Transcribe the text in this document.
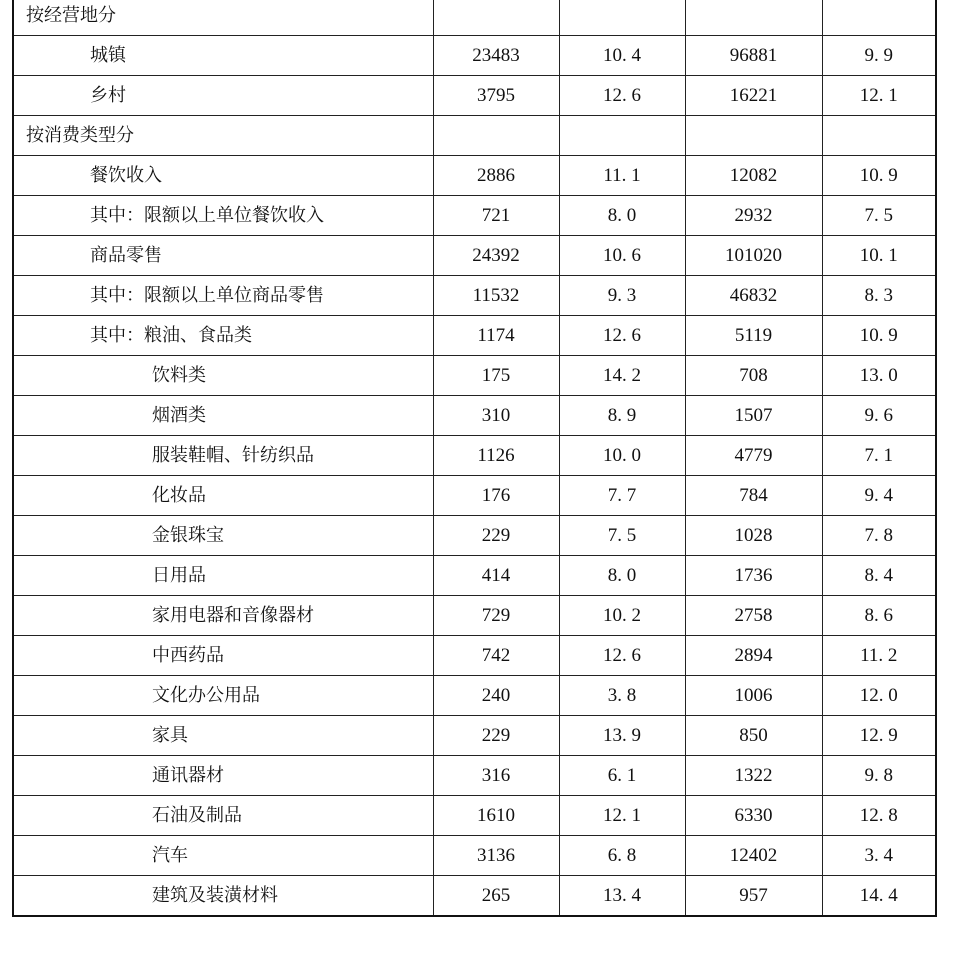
按经营地分				
城镇	23483	10. 4	96881	9. 9
乡村	3795	12. 6	16221	12. 1
按消费类型分				
餐饮收入	2886	11. 1	12082	10. 9
其中：限额以上单位餐饮收入	721	8. 0	2932	7. 5
商品零售	24392	10. 6	101020	10. 1
其中：限额以上单位商品零售	11532	9. 3	46832	8. 3
其中：粮油、食品类	1174	12. 6	5119	10. 9
饮料类	175	14. 2	708	13. 0
烟酒类	310	8. 9	1507	9. 6
服装鞋帽、针纺织品	1126	10. 0	4779	7. 1
化妆品	176	7. 7	784	9. 4
金银珠宝	229	7. 5	1028	7. 8
日用品	414	8. 0	1736	8. 4
家用电器和音像器材	729	10. 2	2758	8. 6
中西药品	742	12. 6	2894	11. 2
文化办公用品	240	3. 8	1006	12. 0
家具	229	13. 9	850	12. 9
通讯器材	316	6. 1	1322	9. 8
石油及制品	1610	12. 1	6330	12. 8
汽车	3136	6. 8	12402	3. 4
建筑及装潢材料	265	13. 4	957	14. 4
